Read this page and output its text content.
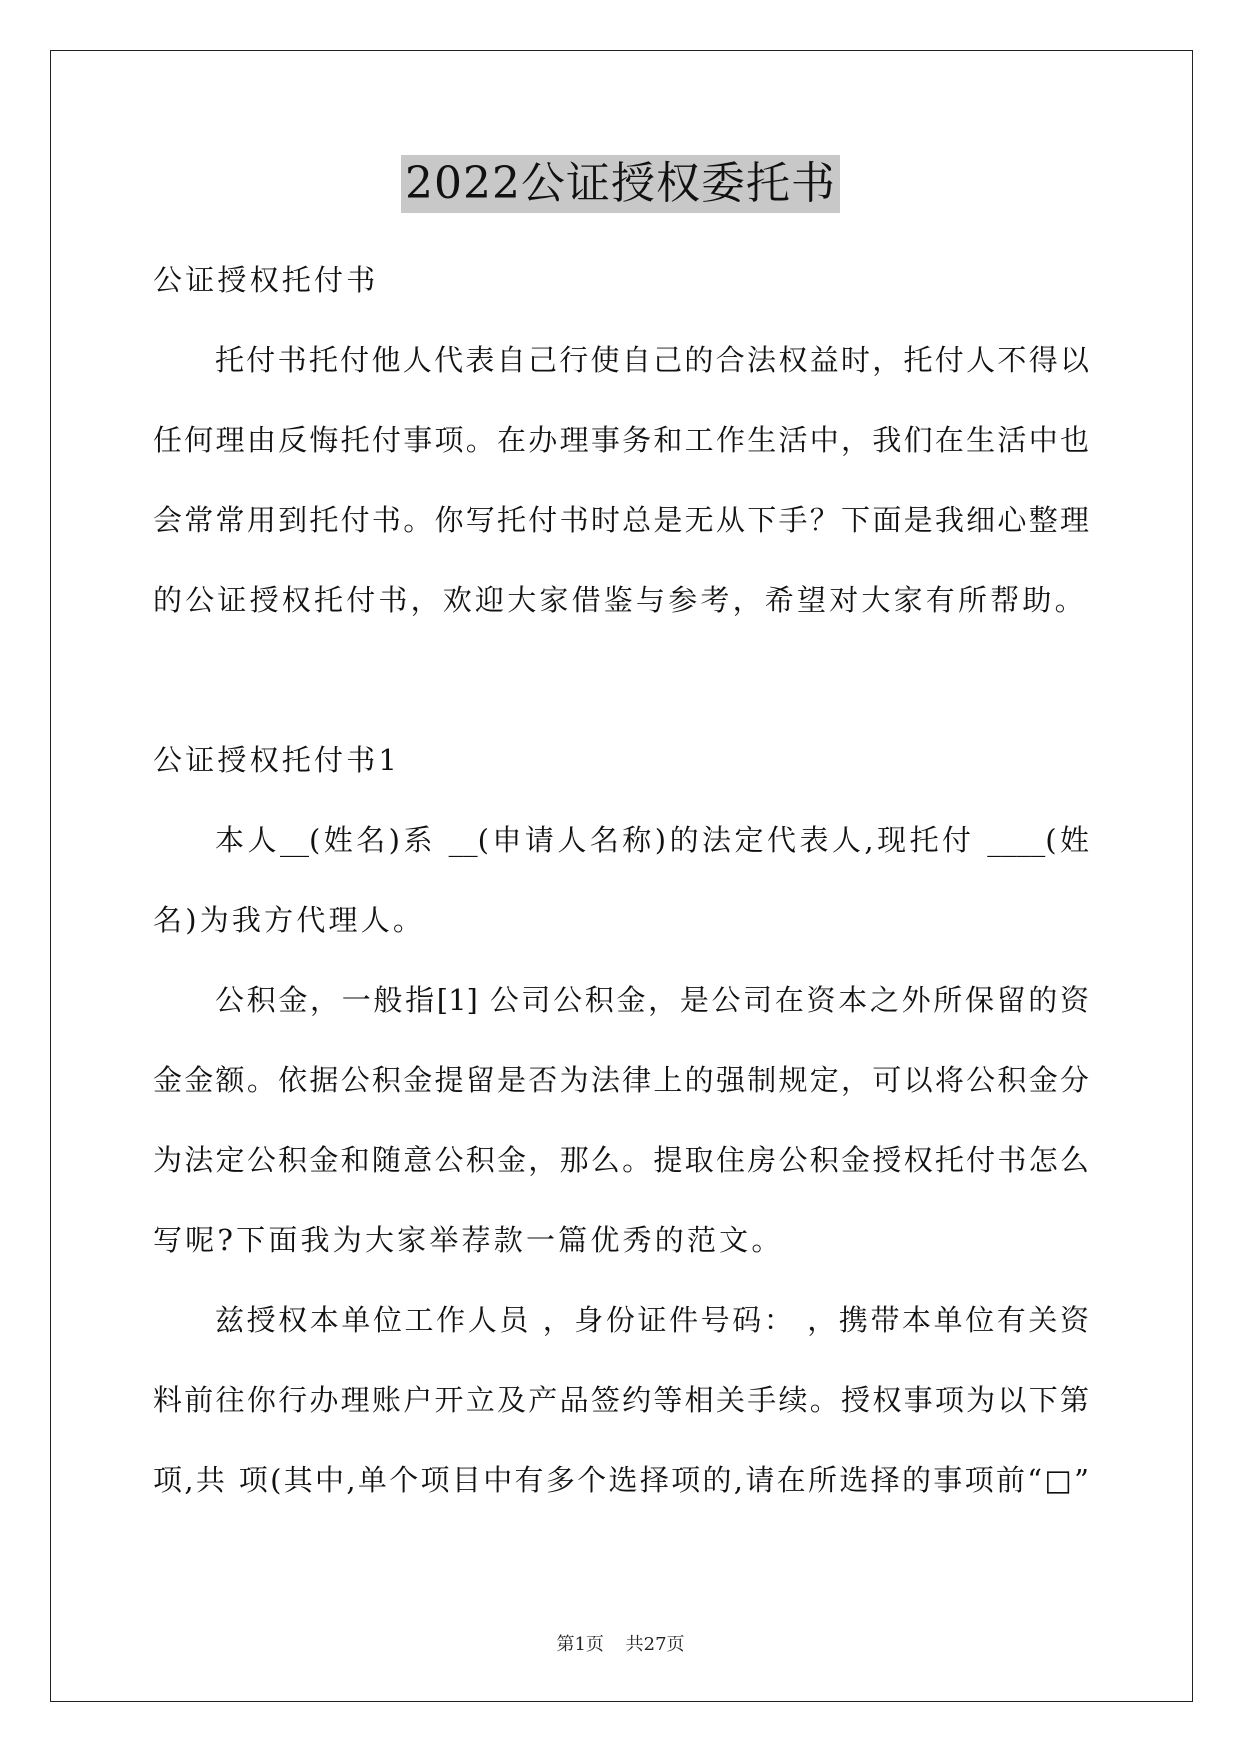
2022公证授权委托书
公证授权托付书
托付书托付他人代表自己行使自己的合法权益时，托付人不得以
任何理由反悔托付事项。在办理事务和工作生活中，我们在生活中也
会常常用到托付书。你写托付书时总是无从下手？下面是我细心整理
的公证授权托付书，欢迎大家借鉴与参考，希望对大家有所帮助。
公证授权托付书1
本人__(姓名)系 __(申请人名称)的法定代表人,现托付 ____(姓
名)为我方代理人。
公积金，一般指[1] 公司公积金，是公司在资本之外所保留的资
金金额。依据公积金提留是否为法律上的强制规定，可以将公积金分
为法定公积金和随意公积金，那么。提取住房公积金授权托付书怎么
写呢?下面我为大家举荐款一篇优秀的范文。
兹授权本单位工作人员 ，身份证件号码： ，携带本单位有关资
料前往你行办理账户开立及产品签约等相关手续。授权事项为以下第
项,共 项(其中,单个项目中有多个选择项的,请在所选择的事项前“□”
第1页 共27页
